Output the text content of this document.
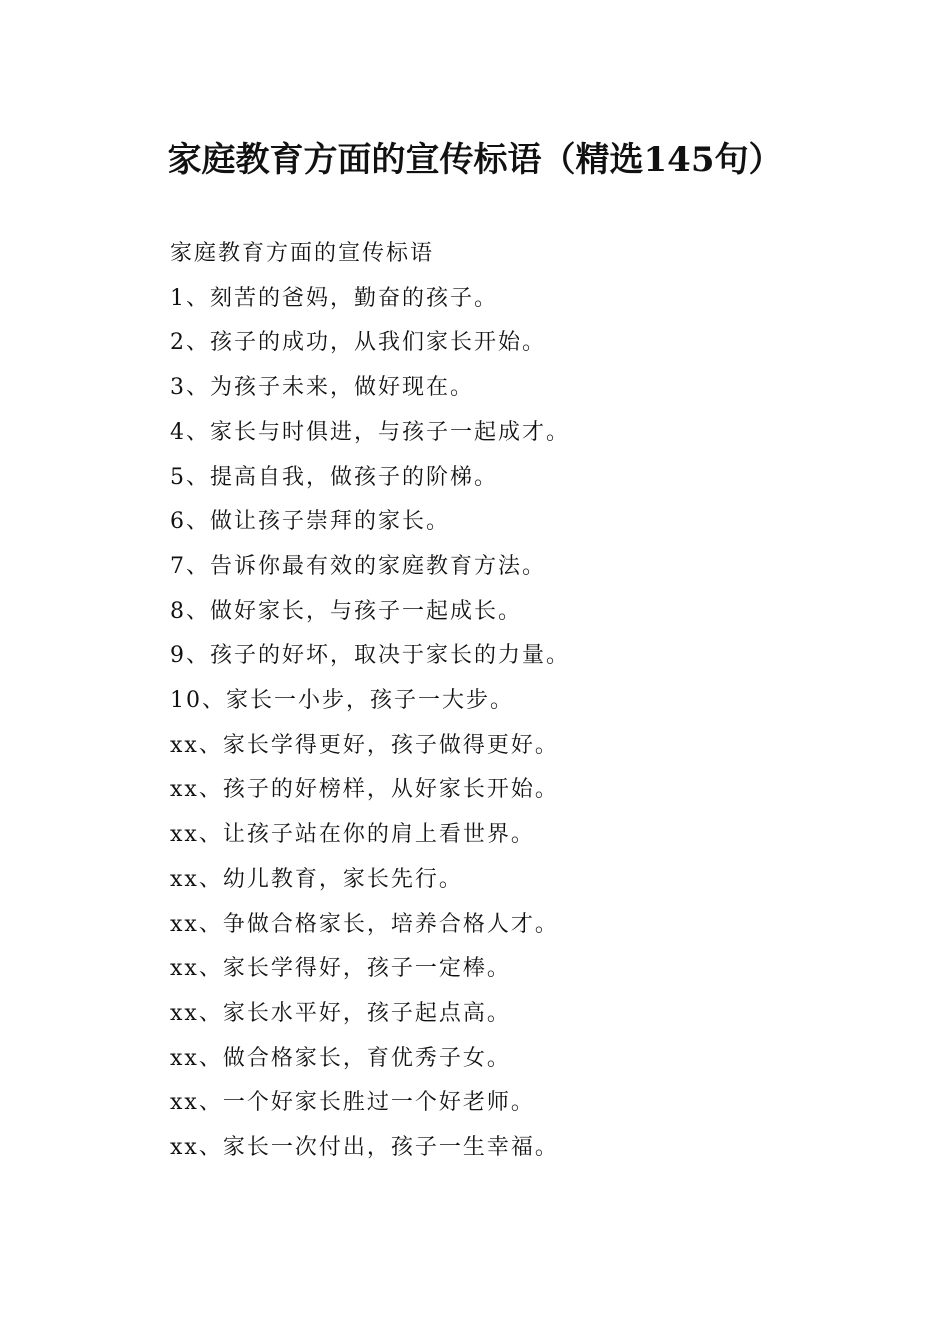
家庭教育方面的宣传标语（精选145句）

家庭教育方面的宣传标语

1、刻苦的爸妈，勤奋的孩子。
2、孩子的成功，从我们家长开始。
3、为孩子未来，做好现在。
4、家长与时俱进，与孩子一起成才。
5、提高自我，做孩子的阶梯。
6、做让孩子崇拜的家长。
7、告诉你最有效的家庭教育方法。
8、做好家长，与孩子一起成长。
9、孩子的好坏，取决于家长的力量。
10、家长一小步，孩子一大步。
xx、家长学得更好，孩子做得更好。
xx、孩子的好榜样，从好家长开始。
xx、让孩子站在你的肩上看世界。
xx、幼儿教育，家长先行。
xx、争做合格家长，培养合格人才。
xx、家长学得好，孩子一定棒。
xx、家长水平好，孩子起点高。
xx、做合格家长，育优秀子女。
xx、一个好家长胜过一个好老师。
xx、家长一次付出，孩子一生幸福。
